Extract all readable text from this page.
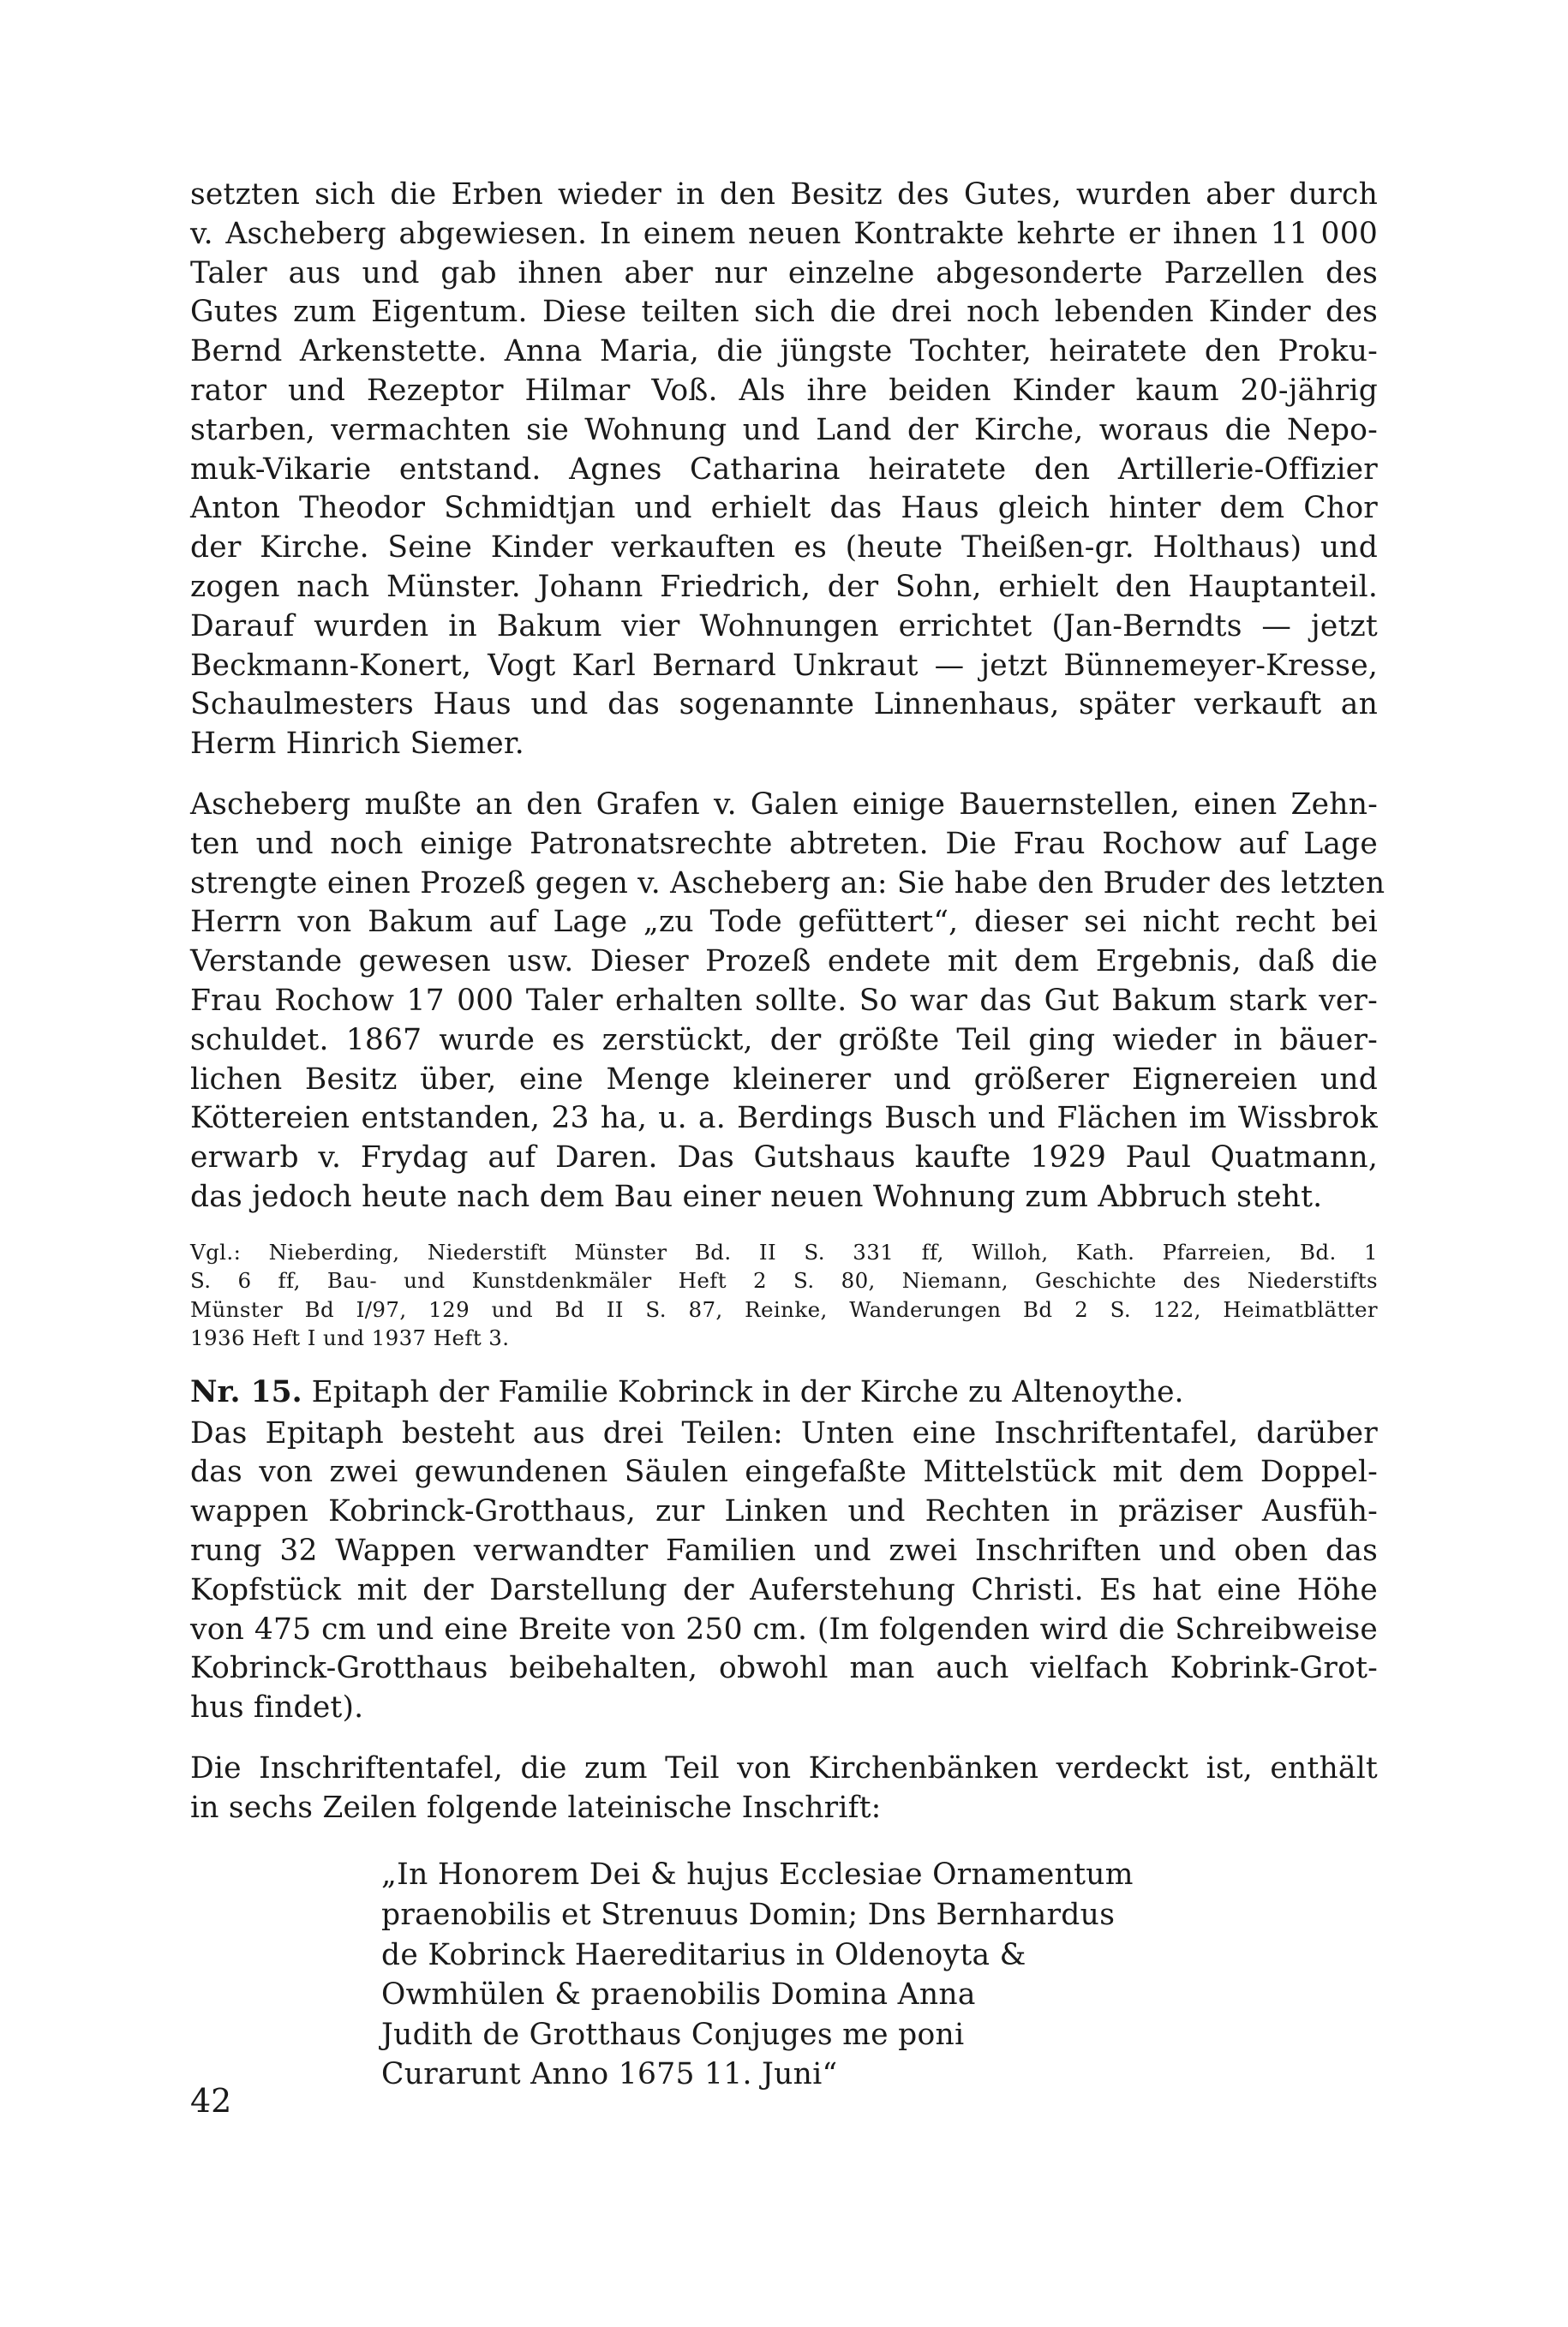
setzten sich die Erben wieder in den Besitz des Gutes, wurden aber durch
v. Ascheberg abgewiesen. In einem neuen Kontrakte kehrte er ihnen 11 000
Taler aus und gab ihnen aber nur einzelne abgesonderte Parzellen des
Gutes zum Eigentum. Diese teilten sich die drei noch lebenden Kinder des
Bernd Arkenstette. Anna Maria, die jüngste Tochter, heiratete den Proku-
rator und Rezeptor Hilmar Voß. Als ihre beiden Kinder kaum 20-jährig
starben, vermachten sie Wohnung und Land der Kirche, woraus die Nepo-
muk-Vikarie entstand. Agnes Catharina heiratete den Artillerie-Offizier
Anton Theodor Schmidtjan und erhielt das Haus gleich hinter dem Chor
der Kirche. Seine Kinder verkauften es (heute Theißen-gr. Holthaus) und
zogen nach Münster. Johann Friedrich, der Sohn, erhielt den Hauptanteil.
Darauf wurden in Bakum vier Wohnungen errichtet (Jan-Berndts — jetzt
Beckmann-Konert, Vogt Karl Bernard Unkraut — jetzt Bünnemeyer-Kresse,
Schaulmesters Haus und das sogenannte Linnenhaus, später verkauft an
Herm Hinrich Siemer.
Ascheberg mußte an den Grafen v. Galen einige Bauernstellen, einen Zehn-
ten und noch einige Patronatsrechte abtreten. Die Frau Rochow auf Lage
strengte einen Prozeß gegen v. Ascheberg an: Sie habe den Bruder des letzten
Herrn von Bakum auf Lage „zu Tode gefüttert“, dieser sei nicht recht bei
Verstande gewesen usw. Dieser Prozeß endete mit dem Ergebnis, daß die
Frau Rochow 17 000 Taler erhalten sollte. So war das Gut Bakum stark ver-
schuldet. 1867 wurde es zerstückt, der größte Teil ging wieder in bäuer-
lichen Besitz über, eine Menge kleinerer und größerer Eignereien und
Köttereien entstanden, 23 ha, u. a. Berdings Busch und Flächen im Wissbrok
erwarb v. Frydag auf Daren. Das Gutshaus kaufte 1929 Paul Quatmann,
das jedoch heute nach dem Bau einer neuen Wohnung zum Abbruch steht.
Vgl.: Nieberding, Niederstift Münster Bd. II S. 331 ff, Willoh, Kath. Pfarreien, Bd. 1
S. 6 ff, Bau- und Kunstdenkmäler Heft 2 S. 80, Niemann, Geschichte des Niederstifts
Münster Bd I/97, 129 und Bd II S. 87, Reinke, Wanderungen Bd 2 S. 122, Heimatblätter
1936 Heft I und 1937 Heft 3.
Nr. 15. Epitaph der Familie Kobrinck in der Kirche zu Altenoythe.
Das Epitaph besteht aus drei Teilen: Unten eine Inschriftentafel, darüber
das von zwei gewundenen Säulen eingefaßte Mittelstück mit dem Doppel-
wappen Kobrinck-Grotthaus, zur Linken und Rechten in präziser Ausfüh-
rung 32 Wappen verwandter Familien und zwei Inschriften und oben das
Kopfstück mit der Darstellung der Auferstehung Christi. Es hat eine Höhe
von 475 cm und eine Breite von 250 cm. (Im folgenden wird die Schreibweise
Kobrinck-Grotthaus beibehalten, obwohl man auch vielfach Kobrink-Grot-
hus findet).
Die Inschriftentafel, die zum Teil von Kirchenbänken verdeckt ist, enthält
in sechs Zeilen folgende lateinische Inschrift:
„In Honorem Dei & hujus Ecclesiae Ornamentum
praenobilis et Strenuus Domin; Dns Bernhardus
de Kobrinck Haereditarius in Oldenoyta &
Owmhülen & praenobilis Domina Anna
Judith de Grotthaus Conjuges me poni
Curarunt Anno 1675 11. Juni“
42
